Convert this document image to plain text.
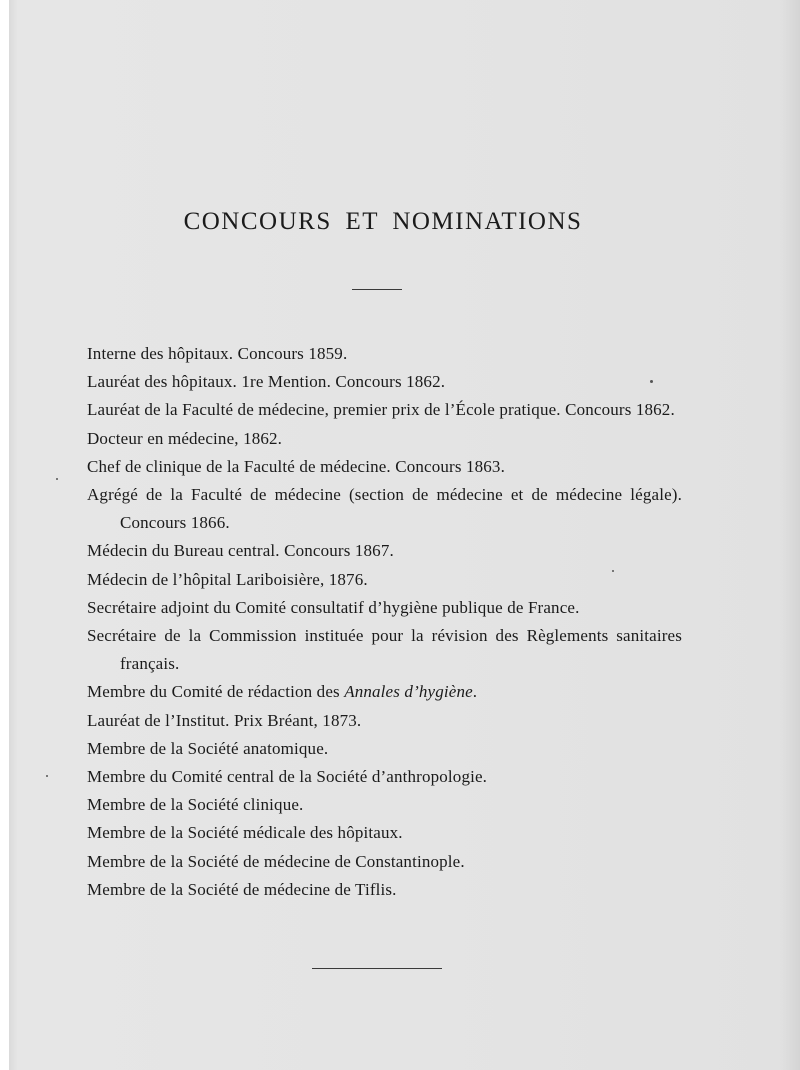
CONCOURS ET NOMINATIONS
Interne des hôpitaux. Concours 1859.
Lauréat des hôpitaux. 1re Mention. Concours 1862.
Lauréat de la Faculté de médecine, premier prix de l’École pratique. Concours 1862.
Docteur en médecine, 1862.
Chef de clinique de la Faculté de médecine. Concours 1863.
Agrégé de la Faculté de médecine (section de médecine et de médecine légale). Concours 1866.
Médecin du Bureau central. Concours 1867.
Médecin de l’hôpital Lariboisière, 1876.
Secrétaire adjoint du Comité consultatif d’hygiène publique de France.
Secrétaire de la Commission instituée pour la révision des Règlements sanitaires français.
Membre du Comité de rédaction des Annales d’hygiène.
Lauréat de l’Institut. Prix Bréant, 1873.
Membre de la Société anatomique.
Membre du Comité central de la Société d’anthropologie.
Membre de la Société clinique.
Membre de la Société médicale des hôpitaux.
Membre de la Société de médecine de Constantinople.
Membre de la Société de médecine de Tiflis.
